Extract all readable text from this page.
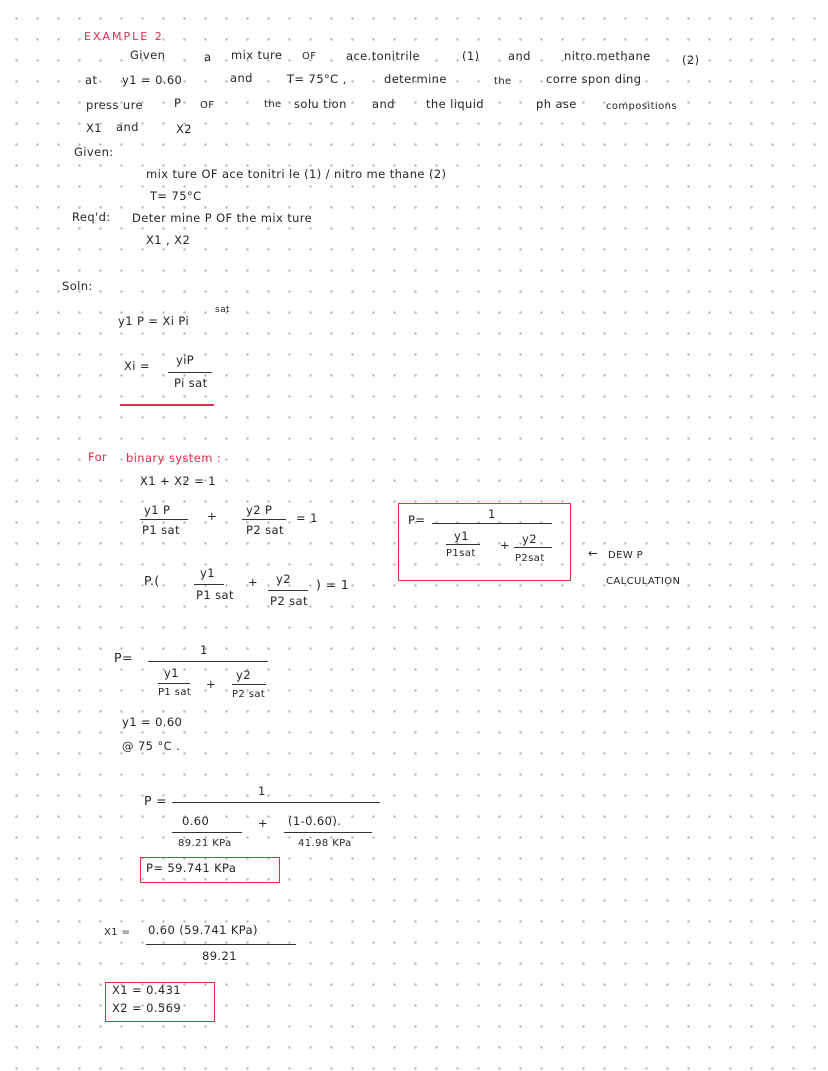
EXAMPLE 2
Given	a mix ture OF	ace.tonitrile	(1) and	nitro.methane	(2)
at y1 = 0.60	and	T= 75°C ,	determine	the	corre spon ding
press ure	P OF	the solu tion and	the liquid	ph ase	compositions
X1 and	X2
Given:
mix ture OF ace tonitri le (1) / nitro me thane (2)
T= 75°C
Req'd: Deter mine P OF the mix ture
X1 , X2
Soln:
y1 P = Xi Pi
sat
Xi = yiP
Pi sat
For binary system :
X1 + X2 = 1
y1 P
P1 sat
+	y2 P
P2 sat
= 1
P.(	y1
P1 sat
+ y2
P2 sat
) = 1
P=	1
y1
P1sat
+ y2
P2sat	← DEW P
CALCULATION
P=	1
y1
P1 sat
+
y2
P2 sat
y1 = 0.60
@ 75 °C .
P =
1
0.60
89.21 KPa
+ (1-0.60).
41.98 KPa
P= 59.741 KPa
X1 = 0.60 (59.741 KPa)
89.21
X1 = 0.431
X2 = 0.569
